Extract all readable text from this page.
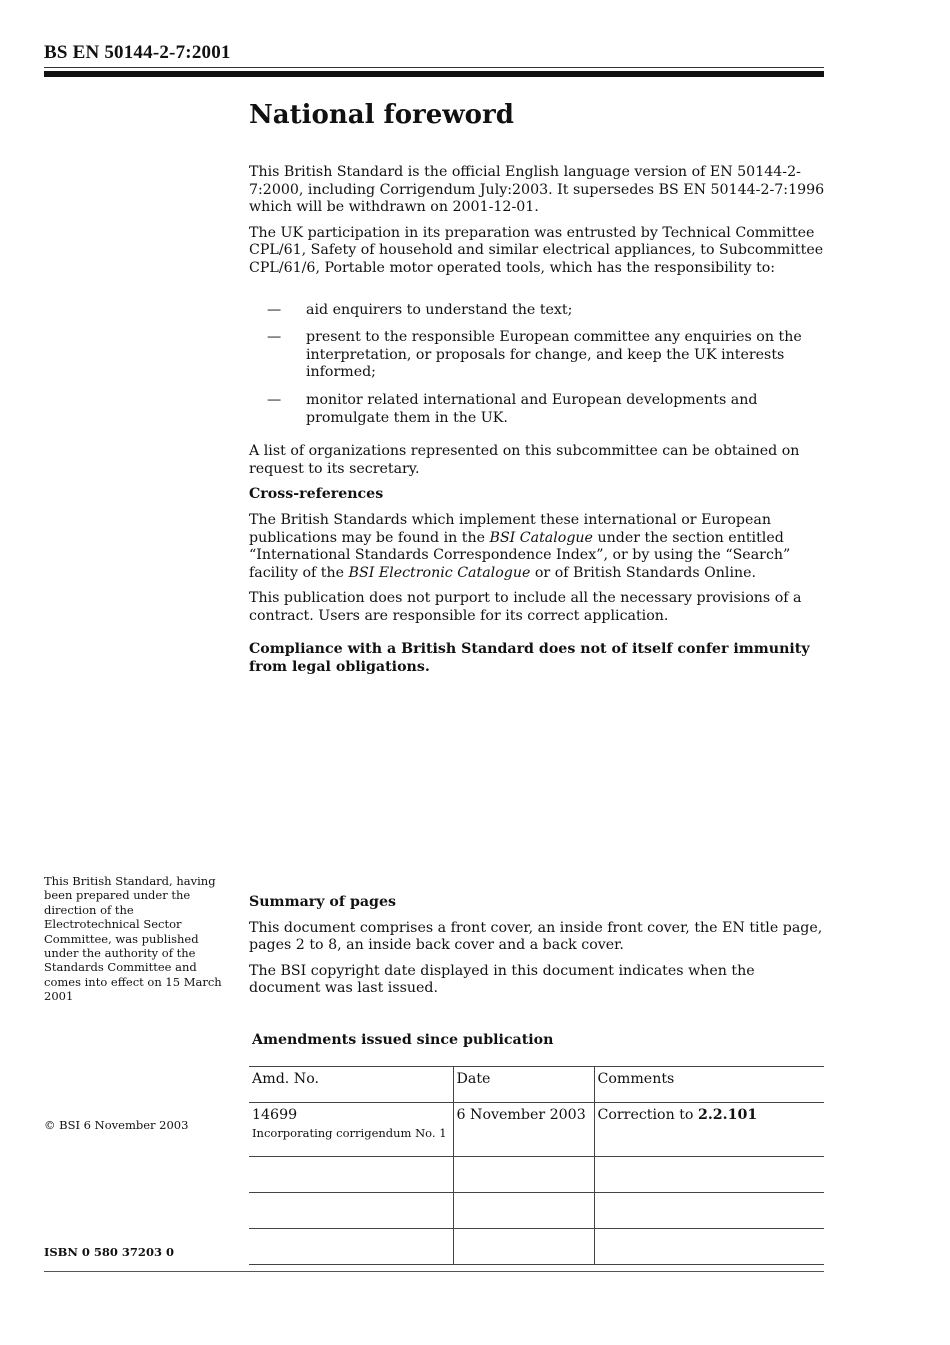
BS EN 50144-2-7:2001
National foreword

This British Standard is the official English language version of EN 50144-2-7:2000, including Corrigendum July:2003. It supersedes BS EN 50144-2-7:1996 which will be withdrawn on 2001-12-01.

The UK participation in its preparation was entrusted by Technical Committee CPL/61, Safety of household and similar electrical appliances, to Subcommittee CPL/61/6, Portable motor operated tools, which has the responsibility to:

— aid enquirers to understand the text;
— present to the responsible European committee any enquiries on the interpretation, or proposals for change, and keep the UK interests informed;
— monitor related international and European developments and promulgate them in the UK.

A list of organizations represented on this subcommittee can be obtained on request to its secretary.

Cross-references

The British Standards which implement these international or European publications may be found in the BSI Catalogue under the section entitled “International Standards Correspondence Index”, or by using the “Search” facility of the BSI Electronic Catalogue or of British Standards Online.

This publication does not purport to include all the necessary provisions of a contract. Users are responsible for its correct application.

Compliance with a British Standard does not of itself confer immunity from legal obligations.

This British Standard, having been prepared under the direction of the Electrotechnical Sector Committee, was published under the authority of the Standards Committee and comes into effect on 15 March 2001

Summary of pages

This document comprises a front cover, an inside front cover, the EN title page, pages 2 to 8, an inside back cover and a back cover.

The BSI copyright date displayed in this document indicates when the document was last issued.

Amendments issued since publication
Amd. No.	Date	Comments
14699
Incorporating corrigendum No. 1	6 November 2003	Correction to 2.2.101

© BSI 6 November 2003
ISBN 0 580 37203 0
